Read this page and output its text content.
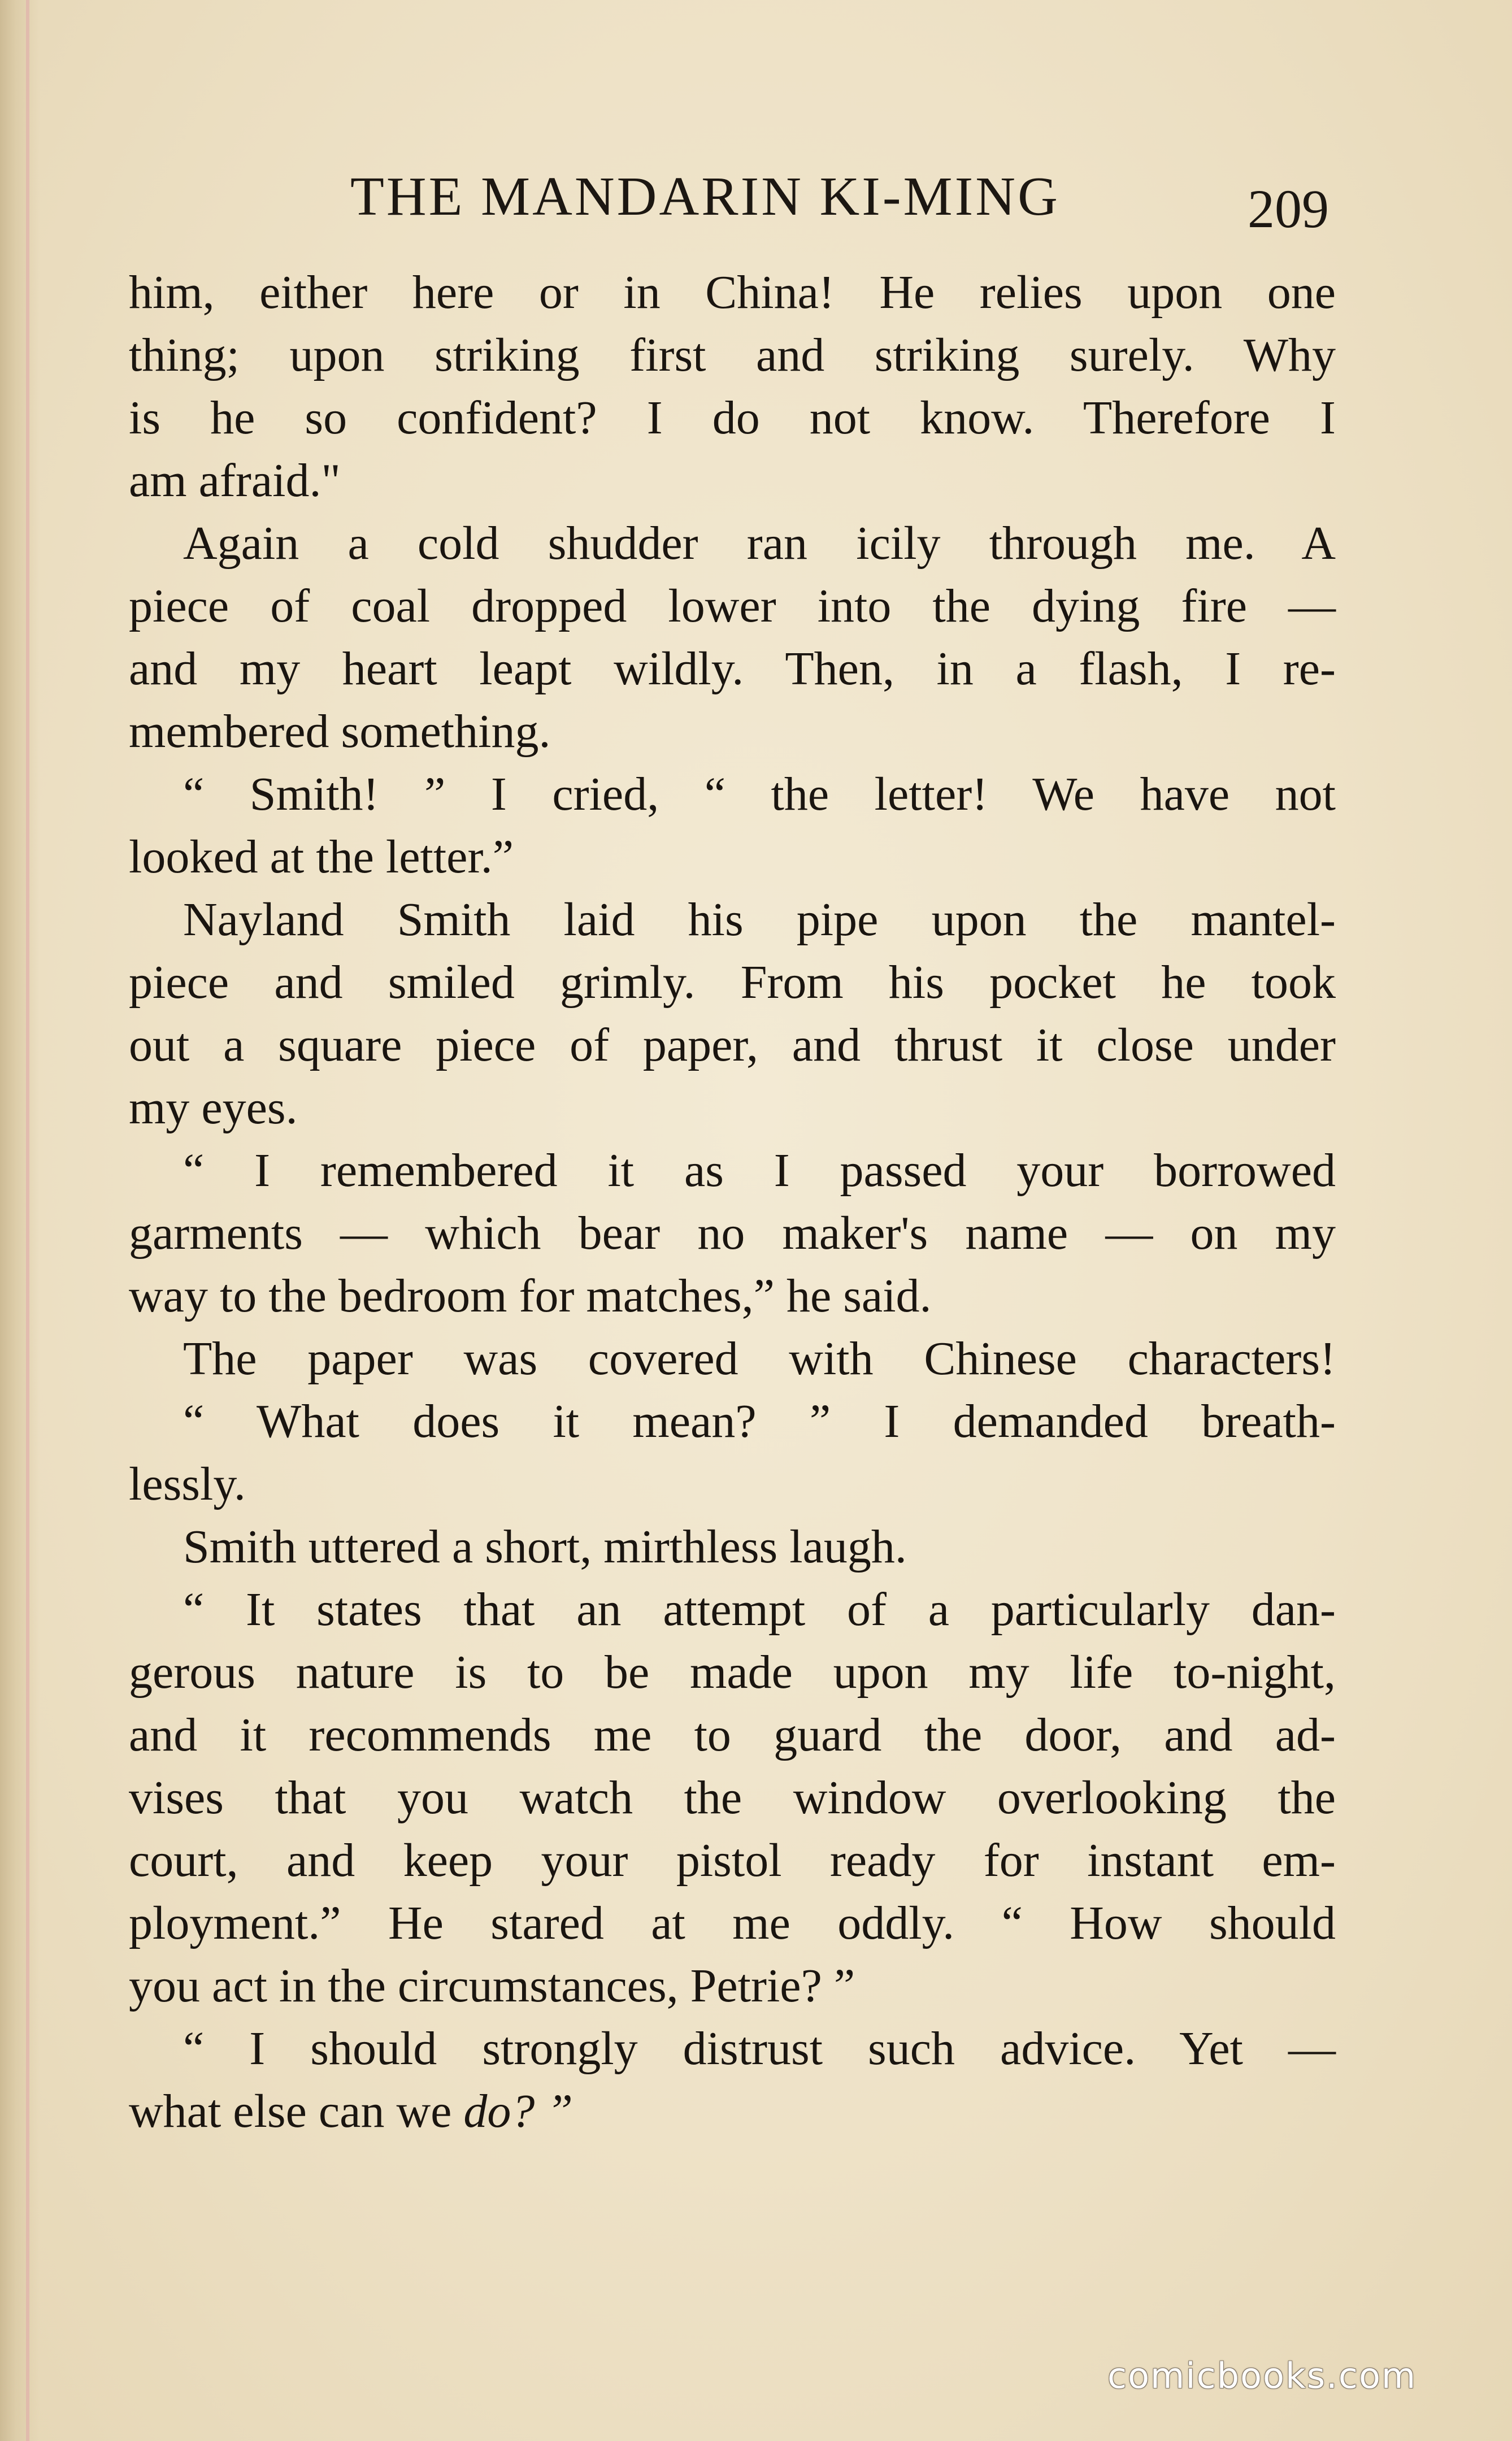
THE MANDARIN KI-MING	209
him, either here or in China! He relies upon one
thing; upon striking first and striking surely. Why
is he so confident? I do not know. Therefore I
am afraid."
Again a cold shudder ran icily through me. A
piece of coal dropped lower into the dying fire —
and my heart leapt wildly. Then, in a flash, I re-
membered something.
“ Smith! ” I cried, “ the letter! We have not
looked at the letter.”
Nayland Smith laid his pipe upon the mantel-
piece and smiled grimly. From his pocket he took
out a square piece of paper, and thrust it close under
my eyes.
“ I remembered it as I passed your borrowed
garments — which bear no maker's name — on my
way to the bedroom for matches,” he said.
The paper was covered with Chinese characters!
“ What does it mean? ” I demanded breath-
lessly.
Smith uttered a short, mirthless laugh.
“ It states that an attempt of a particularly dan-
gerous nature is to be made upon my life to-night,
and it recommends me to guard the door, and ad-
vises that you watch the window overlooking the
court, and keep your pistol ready for instant em-
ployment.” He stared at me oddly. “ How should
you act in the circumstances, Petrie? ”
“ I should strongly distrust such advice. Yet —
what else can we do? ”
comicbooks.com
